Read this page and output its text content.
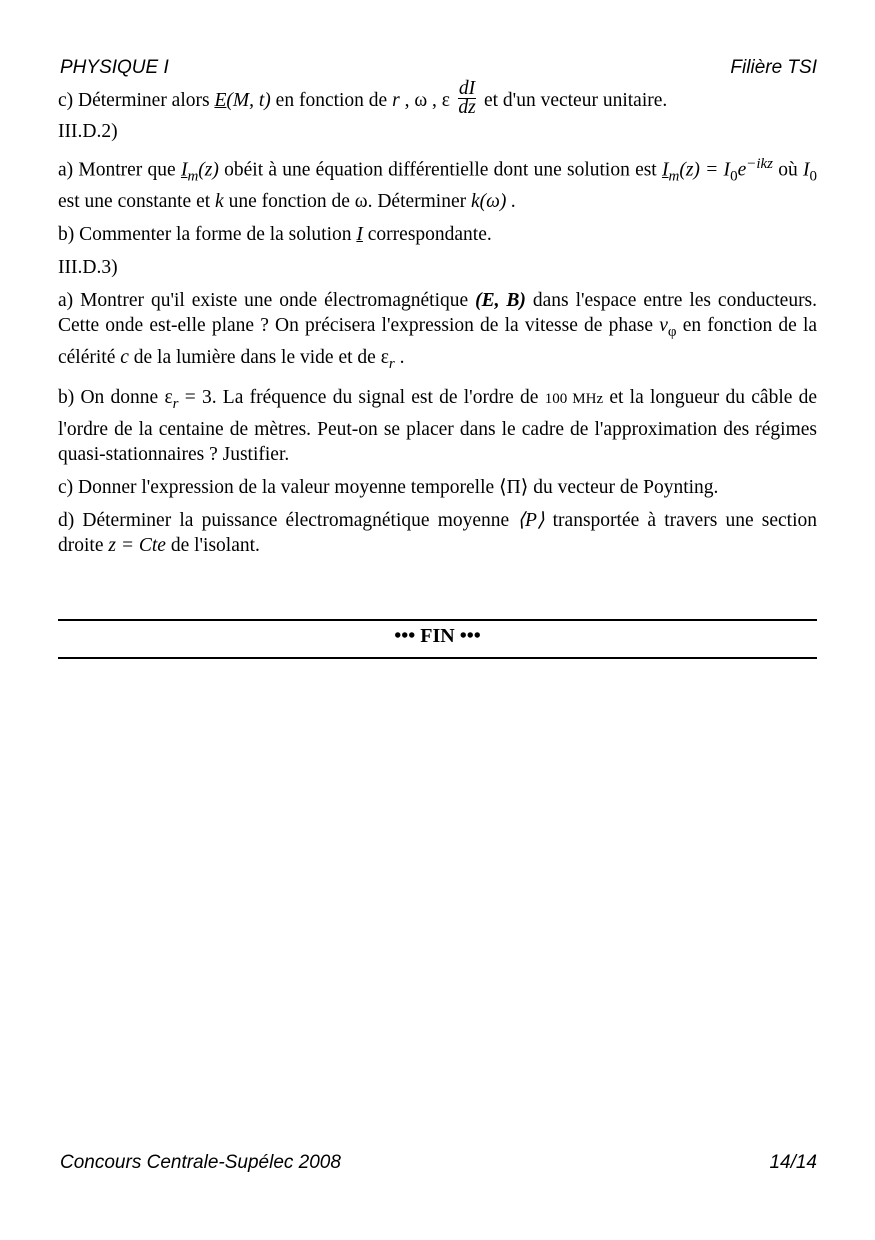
PHYSIQUE I	Filière TSI

c) Déterminer alors E(M, t) en fonction de r , ω , ε $\frac{dI}{dz}$ et d'un vecteur unitaire.

III.D.2)

a) Montrer que $I_m(z)$ obéit à une équation différentielle dont une solution est $I_m(z) = I_0e^{-ikz}$ où $I_0$ est une constante et k une fonction de ω. Déterminer k(ω) .

b) Commenter la forme de la solution I correspondante.

III.D.3)

a) Montrer qu'il existe une onde électromagnétique (E, B) dans l'espace entre les conducteurs. Cette onde est-elle plane ? On précisera l'expression de la vitesse de phase $v_\varphi$ en fonction de la célérité c de la lumière dans le vide et de $\varepsilon_r$ .

b) On donne $\varepsilon_r = 3$. La fréquence du signal est de l'ordre de 100 MHz et la longueur du câble de l'ordre de la centaine de mètres. Peut-on se placer dans le cadre de l'approximation des régimes quasi-stationnaires ? Justifier.

c) Donner l'expression de la valeur moyenne temporelle ⟨Π⟩ du vecteur de Poynting.

d) Déterminer la puissance électromagnétique moyenne ⟨P⟩ transportée à travers une section droite z = Cte de l'isolant.

••• FIN •••
Concours Centrale-Supélec 2008	14/14
